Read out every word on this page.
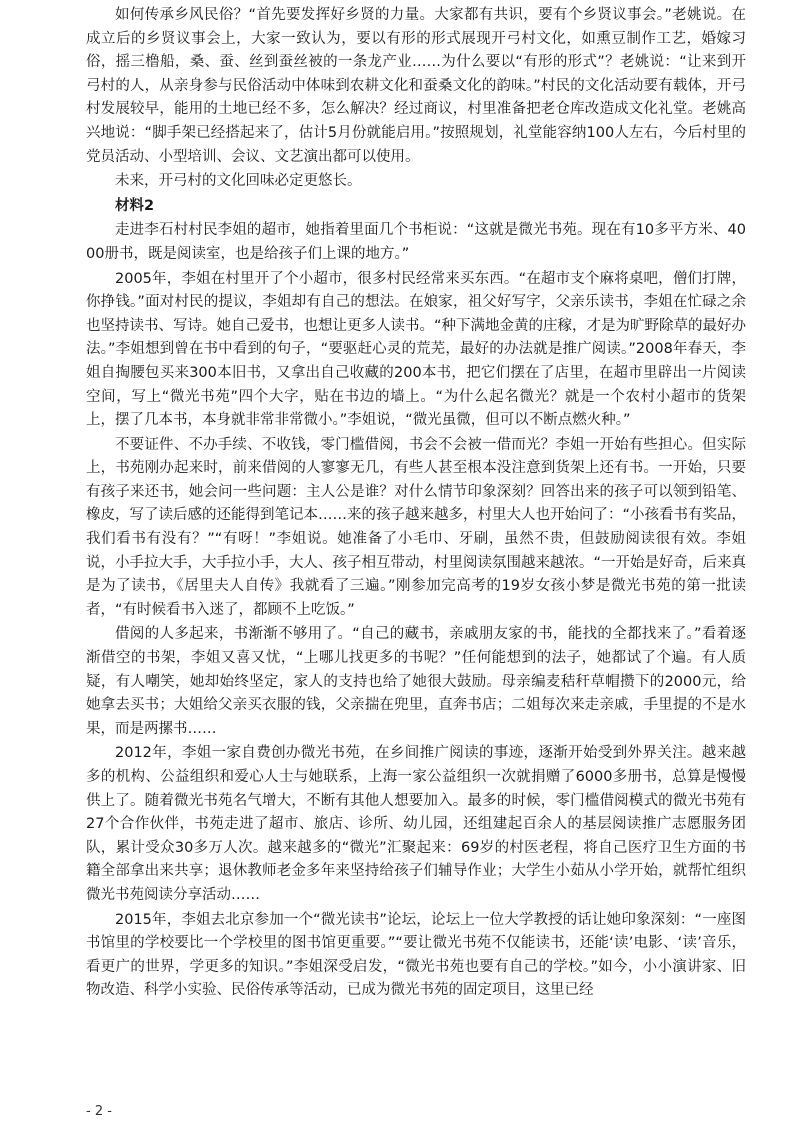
如何传承乡风民俗？“首先要发挥好乡贤的力量。大家都有共识，要有个乡贤议事会。”老姚说。在成立后的乡贤议事会上，大家一致认为，要以有形的形式展现开弓村文化，如熏豆制作工艺，婚嫁习俗，摇三橹船，桑、蚕、丝到蚕丝被的一条龙产业……为什么要以“有形的形式”？老姚说：“让来到开弓村的人，从亲身参与民俗活动中体味到农耕文化和蚕桑文化的韵味。”村民的文化活动要有载体，开弓村发展较早，能用的土地已经不多，怎么解决？经过商议，村里准备把老仓库改造成文化礼堂。老姚高兴地说：“脚手架已经搭起来了，估计5月份就能启用。”按照规划，礼堂能容纳100人左右，今后村里的党员活动、小型培训、会议、文艺演出都可以使用。

未来，开弓村的文化回味必定更悠长。

材料2

走进李石村村民李姐的超市，她指着里面几个书柜说：“这就是微光书苑。现在有10多平方米、4000册书，既是阅读室，也是给孩子们上课的地方。”

2005年，李姐在村里开了个小超市，很多村民经常来买东西。“在超市支个麻将桌吧，僧们打牌，你挣钱。”面对村民的提议，李姐却有自己的想法。在娘家，祖父好写字，父亲乐读书，李姐在忙碌之余也坚持读书、写诗。她自己爱书，也想让更多人读书。“种下满地金黄的庄稼，才是为旷野除草的最好办法。”李姐想到曾在书中看到的句子，“要驱赶心灵的荒芜，最好的办法就是推广阅读。”2008年春天，李姐自掏腰包买来300本旧书，又拿出自己收藏的200本书，把它们摆在了店里，在超市里辟出一片阅读空间，写上“微光书苑”四个大字，贴在书边的墙上。“为什么起名微光？就是一个农村小超市的货架上，摆了几本书，本身就非常非常微小。”李姐说，“微光虽微，但可以不断点燃火种。”

不要证件、不办手续、不收钱，零门槛借阅，书会不会被一借而光？李姐一开始有些担心。但实际上，书苑刚办起来时，前来借阅的人寥寥无几，有些人甚至根本没注意到货架上还有书。一开始，只要有孩子来还书，她会问一些问题：主人公是谁？对什么情节印象深刻？回答出来的孩子可以领到铅笔、橡皮，写了读后感的还能得到笔记本……来的孩子越来越多，村里大人也开始问了：“小孩看书有奖品，我们看书有没有？”“有呀！”李姐说。她准备了小毛巾、牙刷，虽然不贵，但鼓励阅读很有效。李姐说，小手拉大手，大手拉小手，大人、孩子相互带动，村里阅读氛围越来越浓。“一开始是好奇，后来真是为了读书，《居里夫人自传》我就看了三遍。”刚参加完高考的19岁女孩小梦是微光书苑的第一批读者，“有时候看书入迷了，都顾不上吃饭。”

借阅的人多起来，书渐渐不够用了。“自己的藏书，亲戚朋友家的书，能找的全都找来了。”看着逐渐借空的书架，李姐又喜又忧，“上哪儿找更多的书呢？”任何能想到的法子，她都试了个遍。有人质疑，有人嘲笑，她却始终坚定，家人的支持也给了她很大鼓励。母亲编麦秸秆草帽攒下的2000元，给她拿去买书；大姐给父亲买衣服的钱，父亲揣在兜里，直奔书店；二姐每次来走亲戚，手里提的不是水果，而是两摞书……

2012年，李姐一家自费创办微光书苑，在乡间推广阅读的事迹，逐渐开始受到外界关注。越来越多的机构、公益组织和爱心人士与她联系，上海一家公益组织一次就捐赠了6000多册书，总算是慢慢供上了。随着微光书苑名气增大，不断有其他人想要加入。最多的时候，零门槛借阅模式的微光书苑有27个合作伙伴，书苑走进了超市、旅店、诊所、幼儿园，还组建起百余人的基层阅读推广志愿服务团队，累计受众30多万人次。越来越多的“微光”汇聚起来：69岁的村医老程，将自己医疗卫生方面的书籍全部拿出来共享；退休教师老金多年来坚持给孩子们辅导作业；大学生小茹从小学开始，就帮忙组织微光书苑阅读分享活动……

2015年，李姐去北京参加一个“微光读书”论坛，论坛上一位大学教授的话让她印象深刻：“一座图书馆里的学校要比一个学校里的图书馆更重要。”“要让微光书苑不仅能读书，还能‘读’电影、‘读’音乐，看更广的世界，学更多的知识。”李姐深受启发，“微光书苑也要有自己的学校。”如今，小小演讲家、旧物改造、科学小实验、民俗传承等活动，已成为微光书苑的固定项目，这里已经

- 2 -
